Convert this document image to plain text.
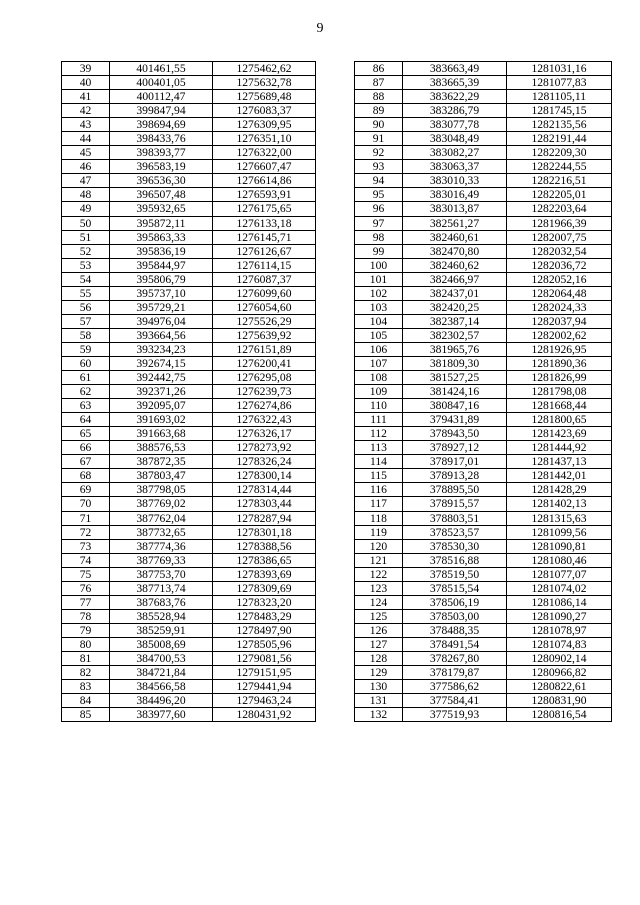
9
39	401461,55	1275462,62
40	400401,05	1275632,78
41	400112,47	1275689,48
42	399847,94	1276083,37
43	398694,69	1276309,95
44	398433,76	1276351,10
45	398393,77	1276322,00
46	396583,19	1276607,47
47	396536,30	1276614,86
48	396507,48	1276593,91
49	395932,65	1276175,65
50	395872,11	1276133,18
51	395863,33	1276145,71
52	395836,19	1276126,67
53	395844,97	1276114,15
54	395806,79	1276087,37
55	395737,10	1276099,60
56	395729,21	1276054,60
57	394976,04	1275526,29
58	393664,56	1275639,92
59	393234,23	1276151,89
60	392674,15	1276200,41
61	392442,75	1276295,08
62	392371,26	1276239,73
63	392095,07	1276274,86
64	391693,02	1276322,43
65	391663,68	1276326,17
66	388576,53	1278273,92
67	387872,35	1278326,24
68	387803,47	1278300,14
69	387798,05	1278314,44
70	387769,02	1278303,44
71	387762,04	1278287,94
72	387732,65	1278301,18
73	387774,36	1278388,56
74	387769,33	1278386,65
75	387753,70	1278393,69
76	387713,74	1278309,69
77	387683,76	1278323,20
78	385528,94	1278483,29
79	385259,91	1278497,90
80	385008,69	1278505,96
81	384700,53	1279081,56
82	384721,84	1279151,95
83	384566,58	1279441,94
84	384496,20	1279463,24
85	383977,60	1280431,92
86	383663,49	1281031,16
87	383665,39	1281077,83
88	383622,29	1281105,11
89	383286,79	1281745,15
90	383077,78	1282135,56
91	383048,49	1282191,44
92	383082,27	1282209,30
93	383063,37	1282244,55
94	383010,33	1282216,51
95	383016,49	1282205,01
96	383013,87	1282203,64
97	382561,27	1281966,39
98	382460,61	1282007,75
99	382470,80	1282032,54
100	382460,62	1282036,72
101	382466,97	1282052,16
102	382437,01	1282064,48
103	382420,25	1282024,33
104	382387,14	1282037,94
105	382302,57	1282002,62
106	381965,76	1281926,95
107	381809,30	1281890,36
108	381527,25	1281826,99
109	381424,16	1281798,08
110	380847,16	1281668,44
111	379431,89	1281800,65
112	378943,50	1281423,69
113	378927,12	1281444,92
114	378917,01	1281437,13
115	378913,28	1281442,01
116	378895,50	1281428,29
117	378915,57	1281402,13
118	378803,51	1281315,63
119	378523,57	1281099,56
120	378530,30	1281090,81
121	378516,88	1281080,46
122	378519,50	1281077,07
123	378515,54	1281074,02
124	378506,19	1281086,14
125	378503,00	1281090,27
126	378488,35	1281078,97
127	378491,54	1281074,83
128	378267,80	1280902,14
129	378179,87	1280966,82
130	377586,62	1280822,61
131	377584,41	1280831,90
132	377519,93	1280816,54
